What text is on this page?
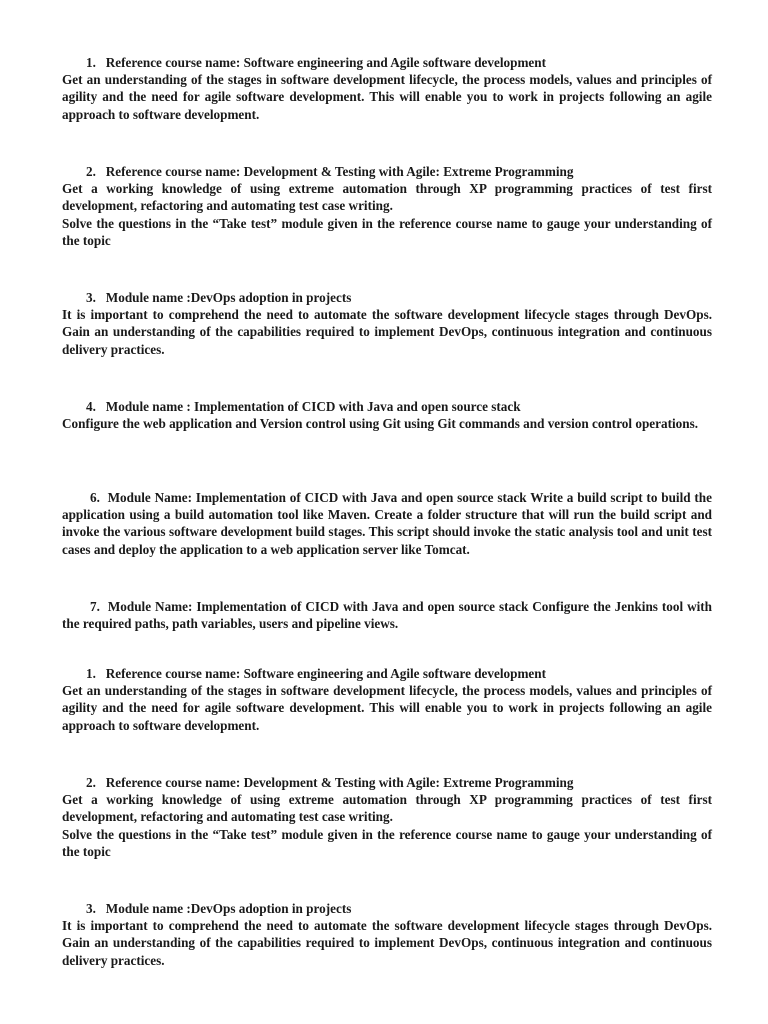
1. Reference course name: Software engineering and Agile software development
Get an understanding of the stages in software development lifecycle, the process models, values and principles of agility and the need for agile software development. This will enable you to work in projects following an agile approach to software development.
2. Reference course name: Development & Testing with Agile: Extreme Programming
Get a working knowledge of using extreme automation through XP programming practices of test first development, refactoring and automating test case writing.
Solve the questions in the “Take test” module given in the reference course name to gauge your understanding of the topic
3. Module name :DevOps adoption in projects
It is important to comprehend the need to automate the software development lifecycle stages through DevOps. Gain an understanding of the capabilities required to implement DevOps, continuous integration and continuous delivery practices.
4. Module name : Implementation of CICD with Java and open source stack
Configure the web application and Version control using Git using Git commands and version control operations.
6. Module Name: Implementation of CICD with Java and open source stack Write a build script to build the application using a build automation tool like Maven. Create a folder structure that will run the build script and invoke the various software development build stages. This script should invoke the static analysis tool and unit test cases and deploy the application to a web application server like Tomcat.
7. Module Name: Implementation of CICD with Java and open source stack Configure the Jenkins tool with the required paths, path variables, users and pipeline views.
1. Reference course name: Software engineering and Agile software development
Get an understanding of the stages in software development lifecycle, the process models, values and principles of agility and the need for agile software development. This will enable you to work in projects following an agile approach to software development.
2. Reference course name: Development & Testing with Agile: Extreme Programming
Get a working knowledge of using extreme automation through XP programming practices of test first development, refactoring and automating test case writing.
Solve the questions in the “Take test” module given in the reference course name to gauge your understanding of the topic
3. Module name :DevOps adoption in projects
It is important to comprehend the need to automate the software development lifecycle stages through DevOps. Gain an understanding of the capabilities required to implement DevOps, continuous integration and continuous delivery practices.
